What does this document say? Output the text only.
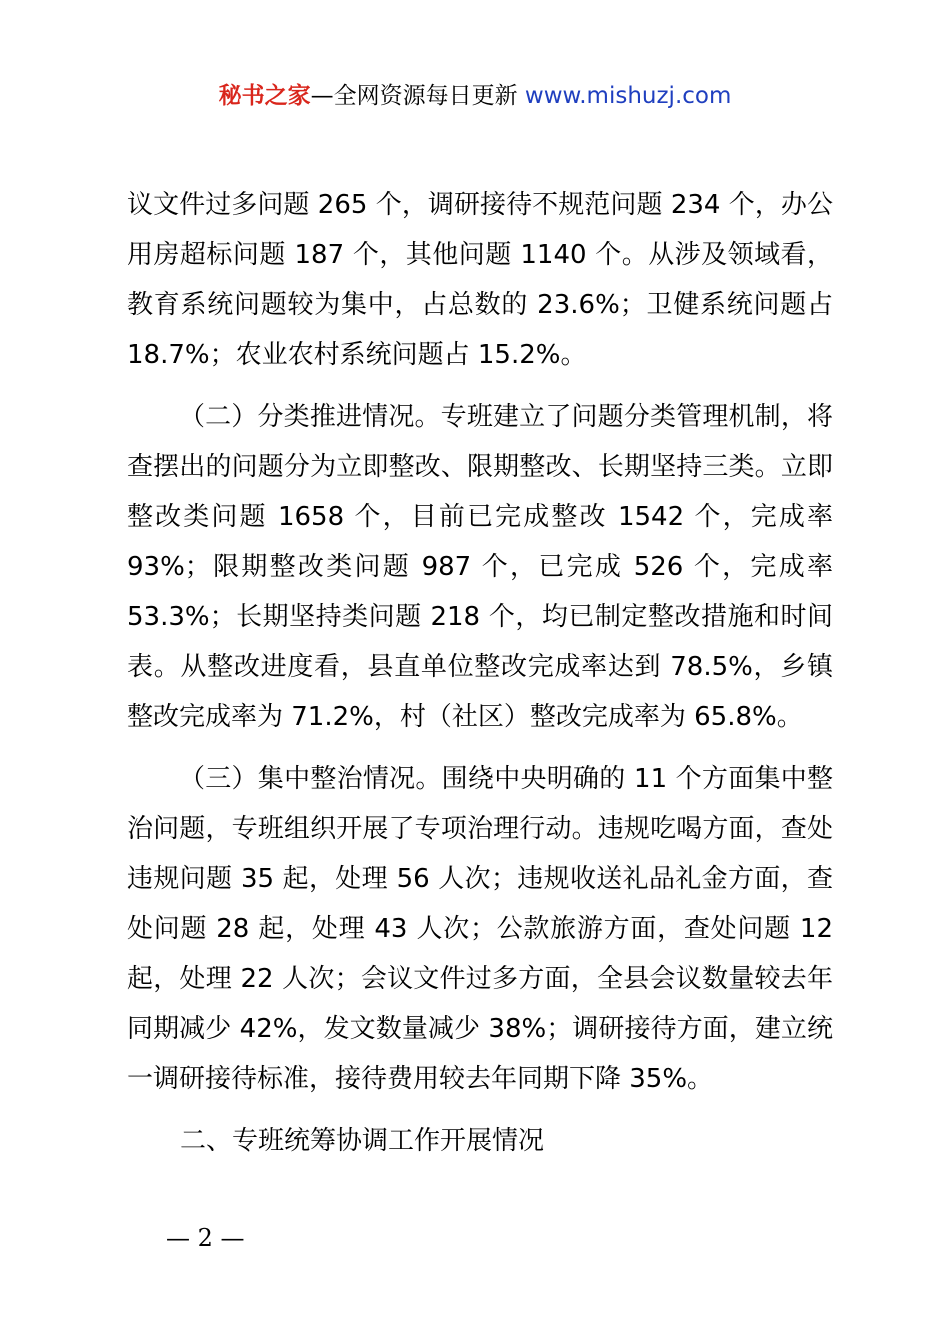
秘书之家—全网资源每日更新 www.mishuzj.com

议文件过多问题 265 个，调研接待不规范问题 234 个，办公用房超标问题 187 个，其他问题 1140 个。从涉及领域看，教育系统问题较为集中，占总数的 23.6%；卫健系统问题占 18.7%；农业农村系统问题占 15.2%。

（二）分类推进情况。专班建立了问题分类管理机制，将查摆出的问题分为立即整改、限期整改、长期坚持三类。立即整改类问题 1658 个，目前已完成整改 1542 个，完成率 93%；限期整改类问题 987 个，已完成 526 个，完成率 53.3%；长期坚持类问题 218 个，均已制定整改措施和时间表。从整改进度看，县直单位整改完成率达到 78.5%，乡镇整改完成率为 71.2%，村（社区）整改完成率为 65.8%。

（三）集中整治情况。围绕中央明确的 11 个方面集中整治问题，专班组织开展了专项治理行动。违规吃喝方面，查处违规问题 35 起，处理 56 人次；违规收送礼品礼金方面，查处问题 28 起，处理 43 人次；公款旅游方面，查处问题 12 起，处理 22 人次；会议文件过多方面，全县会议数量较去年同期减少 42%，发文数量减少 38%；调研接待方面，建立统一调研接待标准，接待费用较去年同期下降 35%。

二、专班统筹协调工作开展情况
— 2 —
